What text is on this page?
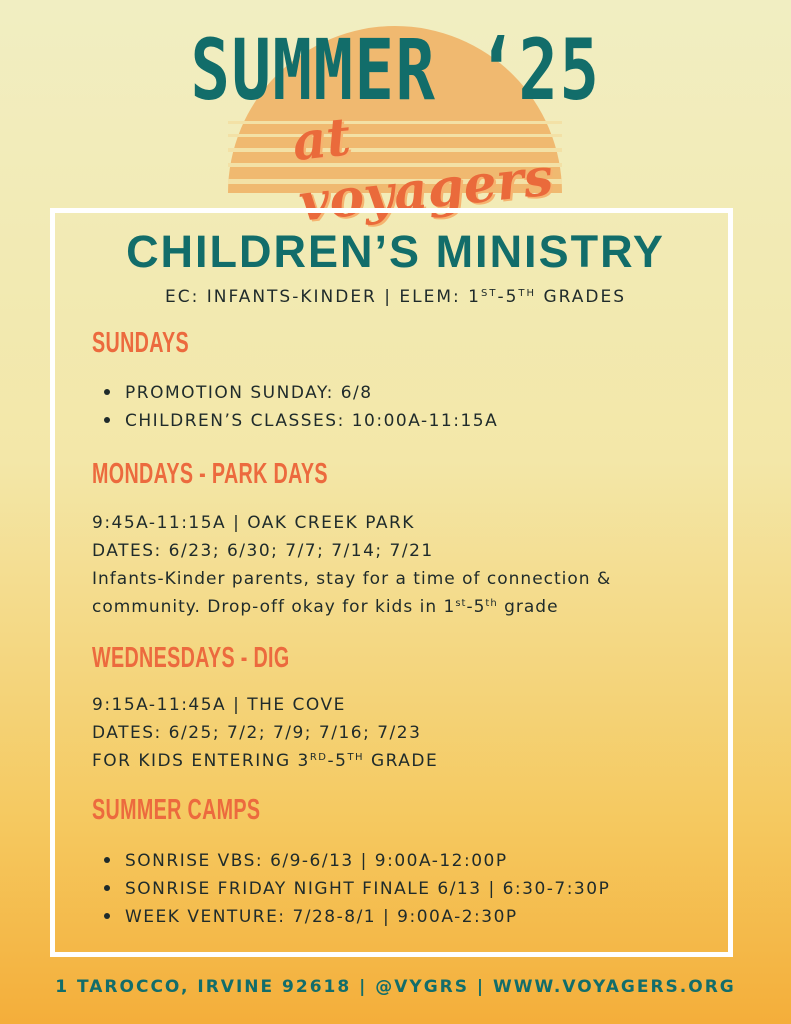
SUMMER ‘25
at voyagers
CHILDREN’S MINISTRY
EC: INFANTS-KINDER | ELEM: 1ST-5TH GRADES
SUNDAYS
PROMOTION SUNDAY: 6/8
CHILDREN’S CLASSES: 10:00A-11:15A
MONDAYS - PARK DAYS
9:45A-11:15A | OAK CREEK PARK
DATES: 6/23; 6/30; 7/7; 7/14; 7/21
Infants-Kinder parents, stay for a time of connection &
community. Drop-off okay for kids in 1st-5th grade
WEDNESDAYS - DIG
9:15A-11:45A | THE COVE
DATES: 6/25; 7/2; 7/9; 7/16; 7/23
FOR KIDS ENTERING 3RD-5TH GRADE
SUMMER CAMPS
SONRISE VBS: 6/9-6/13 | 9:00A-12:00P
SONRISE FRIDAY NIGHT FINALE 6/13 | 6:30-7:30P
WEEK VENTURE: 7/28-8/1 | 9:00A-2:30P
1 TAROCCO, IRVINE 92618 | @VYGRS | WWW.VOYAGERS.ORG
